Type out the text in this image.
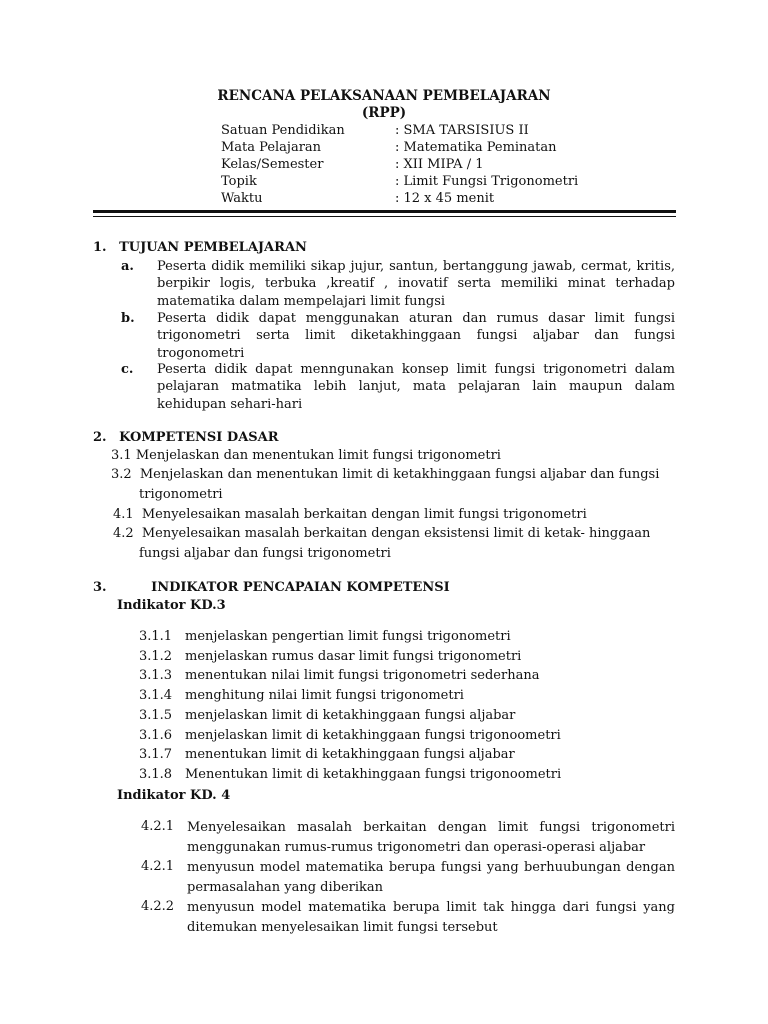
RENCANA PELAKSANAAN PEMBELAJARAN
(RPP)
Satuan Pendidikan	: SMA TARSISIUS II
Mata Pelajaran	: Matematika Peminatan
Kelas/Semester	: XII MIPA / 1
Topik	: Limit Fungsi Trigonometri
Waktu	: 12 x 45 menit
1. TUJUAN PEMBELAJARAN
a. Peserta didik memiliki sikap jujur, santun, bertanggung jawab, cermat, kritis, berpikir logis, terbuka ,kreatif , inovatif serta memiliki minat terhadap matematika dalam mempelajari limit fungsi
b. Peserta didik dapat menggunakan aturan dan rumus dasar limit fungsi trigonometri serta limit diketakhinggaan fungsi aljabar dan fungsi trogonometri
c. Peserta didik dapat menngunakan konsep limit fungsi trigonometri dalam pelajaran matmatika lebih lanjut, mata pelajaran lain maupun dalam kehidupan sehari-hari
2. KOMPETENSI DASAR
3.1 Menjelaskan dan menentukan limit fungsi trigonometri
3.2 Menjelaskan dan menentukan limit di ketakhinggaan fungsi aljabar dan fungsi
trigonometri
4.1 Menyelesaikan masalah berkaitan dengan limit fungsi trigonometri
4.2 Menyelesaikan masalah berkaitan dengan eksistensi limit di ketak- hinggaan
fungsi aljabar dan fungsi trigonometri
3.	INDIKATOR PENCAPAIAN KOMPETENSI
Indikator KD.3
3.1.1 menjelaskan pengertian limit fungsi trigonometri
3.1.2 menjelaskan rumus dasar limit fungsi trigonometri
3.1.3 menentukan nilai limit fungsi trigonometri sederhana
3.1.4 menghitung nilai limit fungsi trigonometri
3.1.5 menjelaskan limit di ketakhinggaan fungsi aljabar
3.1.6 menjelaskan limit di ketakhinggaan fungsi trigonoometri
3.1.7 menentukan limit di ketakhinggaan fungsi aljabar
3.1.8 Menentukan limit di ketakhinggaan fungsi trigonoometri
Indikator KD. 4
4.2.1 Menyelesaikan masalah berkaitan dengan limit fungsi trigonometri menggunakan rumus-rumus trigonometri dan operasi-operasi aljabar
4.2.1 menyusun model matematika berupa fungsi yang berhuubungan dengan permasalahan yang diberikan
4.2.2 menyusun model matematika berupa limit tak hingga dari fungsi yang ditemukan menyelesaikan limit fungsi tersebut
